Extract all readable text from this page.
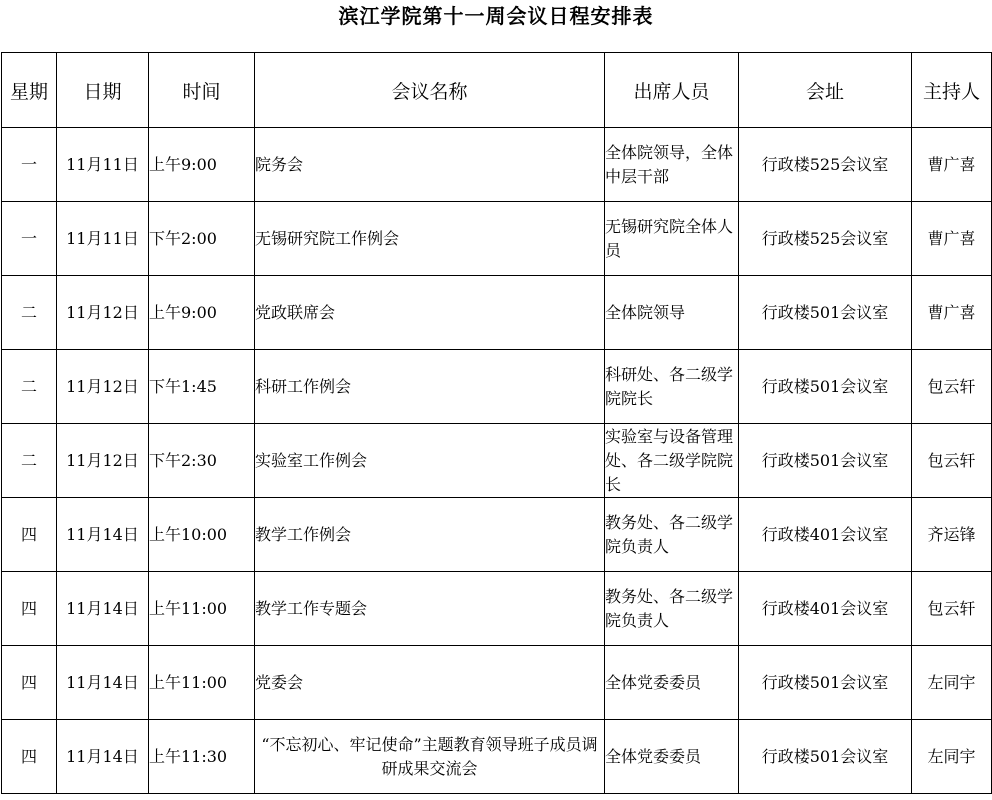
滨江学院第十一周会议日程安排表
星期	日期	时间	会议名称	出席人员	会址	主持人
一	11月11日	上午9:00	院务会	全体院领导，全体中层干部	行政楼525会议室	曹广喜
一	11月11日	下午2:00	无锡研究院工作例会	无锡研究院全体人员	行政楼525会议室	曹广喜
二	11月12日	上午9:00	党政联席会	全体院领导	行政楼501会议室	曹广喜
二	11月12日	下午1:45	科研工作例会	科研处、各二级学院院长	行政楼501会议室	包云轩
二	11月12日	下午2:30	实验室工作例会	实验室与设备管理处、各二级学院院长	行政楼501会议室	包云轩
四	11月14日	上午10:00	教学工作例会	教务处、各二级学院负责人	行政楼401会议室	齐运锋
四	11月14日	上午11:00	教学工作专题会	教务处、各二级学院负责人	行政楼401会议室	包云轩
四	11月14日	上午11:00	党委会	全体党委委员	行政楼501会议室	左同宇
四	11月14日	上午11:30	“不忘初心、牢记使命”主题教育领导班子成员调研成果交流会	全体党委委员	行政楼501会议室	左同宇
